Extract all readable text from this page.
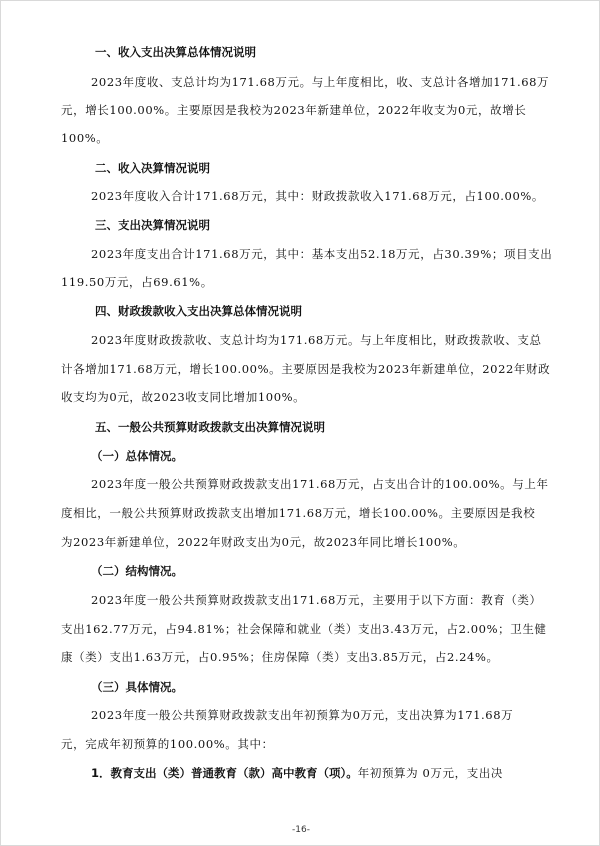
一、收入支出决算总体情况说明
2023年度收、支总计均为171.68万元。与上年度相比，收、支总计各增加171.68万
元，增长100.00%。主要原因是我校为2023年新建单位，2022年收支为0元，故增长
100%。
二、收入决算情况说明
2023年度收入合计171.68万元，其中：财政拨款收入171.68万元，占100.00%。
三、支出决算情况说明
2023年度支出合计171.68万元，其中：基本支出52.18万元，占30.39%；项目支出
119.50万元，占69.61%。
四、财政拨款收入支出决算总体情况说明
2023年度财政拨款收、支总计均为171.68万元。与上年度相比，财政拨款收、支总
计各增加171.68万元，增长100.00%。主要原因是我校为2023年新建单位，2022年财政
收支均为0元，故2023收支同比增加100%。
五、一般公共预算财政拨款支出决算情况说明
（一）总体情况。
2023年度一般公共预算财政拨款支出171.68万元，占支出合计的100.00%。与上年
度相比，一般公共预算财政拨款支出增加171.68万元，增长100.00%。主要原因是我校
为2023年新建单位，2022年财政支出为0元，故2023年同比增长100%。
（二）结构情况。
2023年度一般公共预算财政拨款支出171.68万元，主要用于以下方面：教育（类）
支出162.77万元，占94.81%；社会保障和就业（类）支出3.43万元，占2.00%；卫生健
康（类）支出1.63万元，占0.95%；住房保障（类）支出3.85万元，占2.24%。
（三）具体情况。
2023年度一般公共预算财政拨款支出年初预算为0万元，支出决算为171.68万
元，完成年初预算的100.00%。其中：
1．教育支出（类）普通教育（款）高中教育（项）。年初预算为 0万元，支出决
-16-
